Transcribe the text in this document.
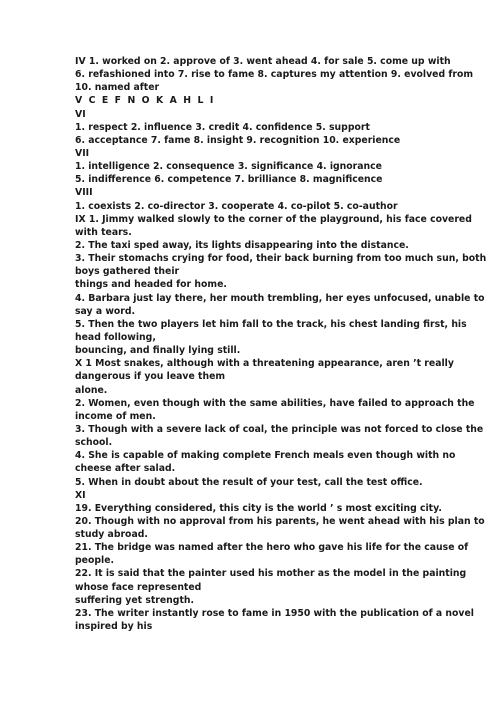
IV 1. worked on 2. approve of 3. went ahead 4. for sale 5. come up with
6. refashioned into 7. rise to fame 8. captures my attention 9. evolved from
10. named after
V C E F N O K A H L I
VI
1. respect 2. influence 3. credit 4. confidence 5. support
6. acceptance 7. fame 8. insight 9. recognition 10. experience
VII
1. intelligence 2. consequence 3. significance 4. ignorance
5. indifference 6. competence 7. brilliance 8. magnificence
VIII
1. coexists 2. co-director 3. cooperate 4. co-pilot 5. co-author
IX 1. Jimmy walked slowly to the corner of the playground, his face covered
with tears.
2. The taxi sped away, its lights disappearing into the distance.
3. Their stomachs crying for food, their back burning from too much sun, both
boys gathered their
things and headed for home.
4. Barbara just lay there, her mouth trembling, her eyes unfocused, unable to
say a word.
5. Then the two players let him fall to the track, his chest landing first, his
head following,
bouncing, and finally lying still.
X 1 Most snakes, although with a threatening appearance, aren ’t really
dangerous if you leave them
alone.
2. Women, even though with the same abilities, have failed to approach the
income of men.
3. Though with a severe lack of coal, the principle was not forced to close the
school.
4. She is capable of making complete French meals even though with no
cheese after salad.
5. When in doubt about the result of your test, call the test office.
XI
19. Everything considered, this city is the world ’ s most exciting city.
20. Though with no approval from his parents, he went ahead with his plan to
study abroad.
21. The bridge was named after the hero who gave his life for the cause of
people.
22. It is said that the painter used his mother as the model in the painting
whose face represented
suffering yet strength.
23. The writer instantly rose to fame in 1950 with the publication of a novel
inspired by his
